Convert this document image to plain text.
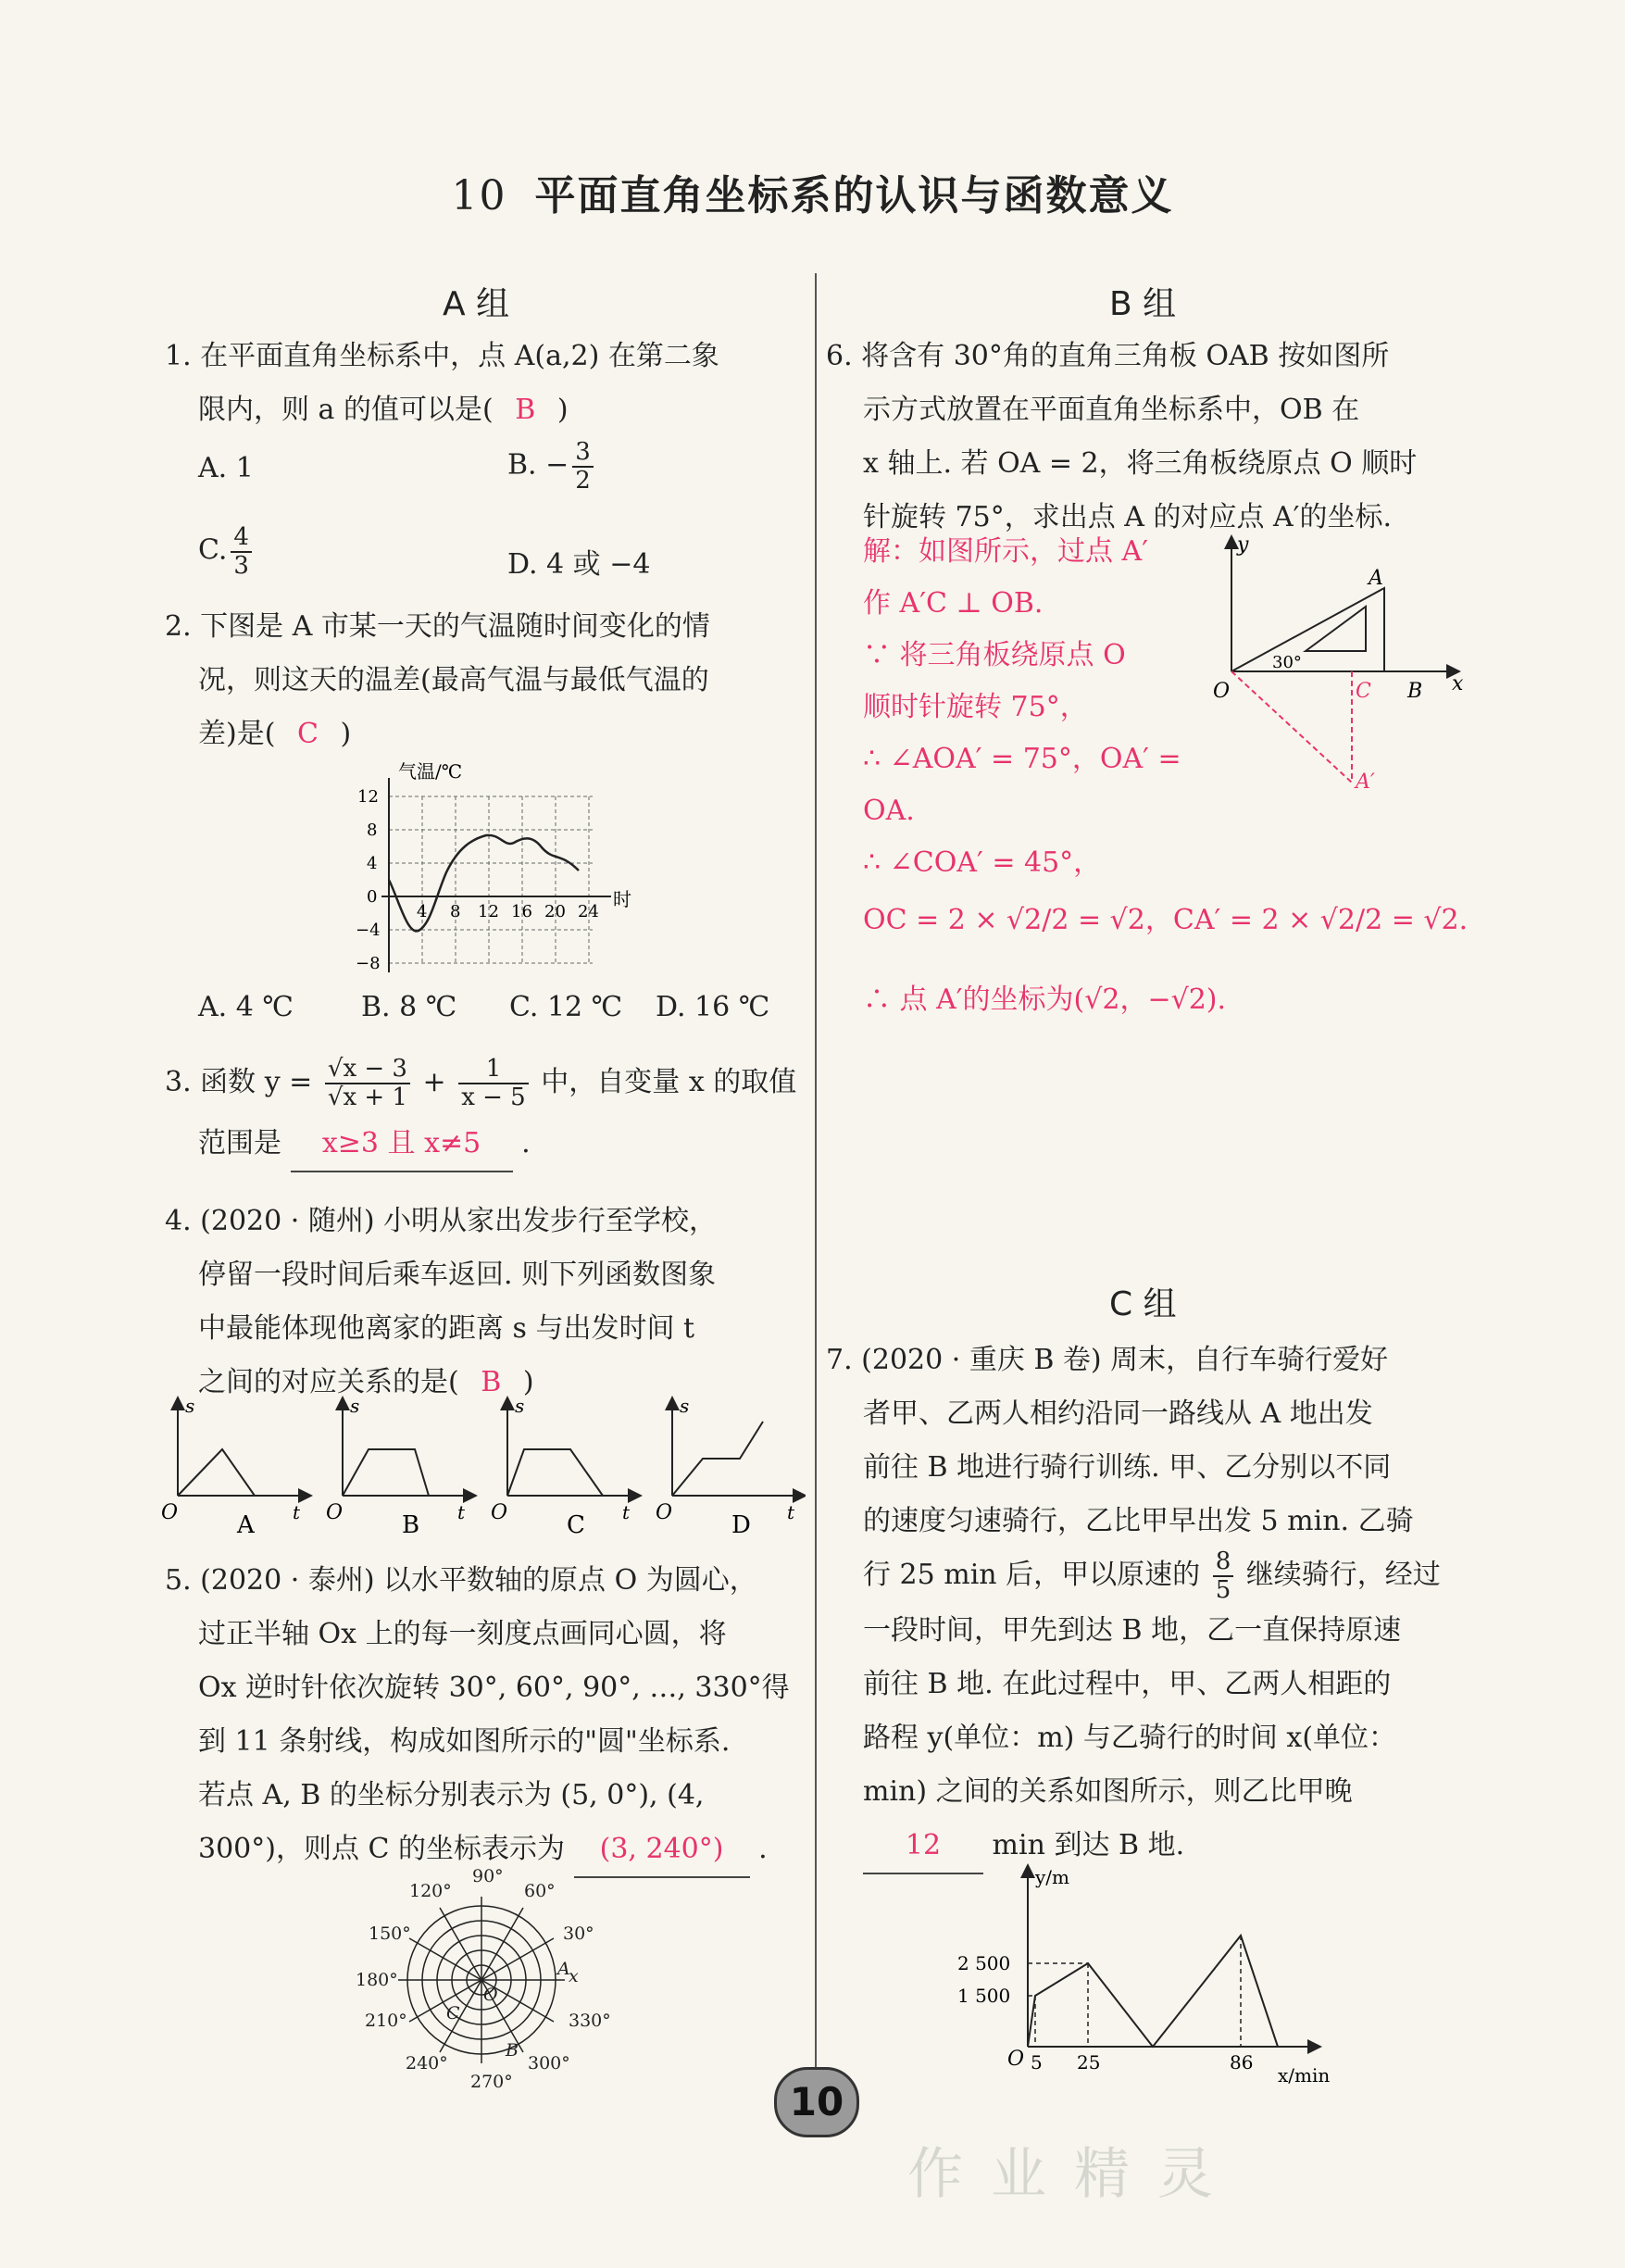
10 平面直角坐标系的认识与函数意义
A 组	B 组
1. 在平面直角坐标系中，点 A(a,2) 在第二象
限内，则 a 的值可以是( B )
A. 1	B. − $\frac{3}{2}$
C. $\frac{4}{3}$	D. 4 或 −4
2. 下图是 A 市某一天的气温随时间变化的情
况，则这天的温差(最高气温与最低气温的
差)是( C )
气温/℃
时
12
8
4
0
−4
−8
4 8 12 16 20 24
A. 4 ℃ B. 8 ℃ C. 12 ℃ D. 16 ℃
3. 函数 $y = \frac{√x - 3}{√x + 1} + \frac{1}{x - 5}$ 中，自变量 x 的取值
范围是 x≥3 且 x≠5 .
4. (2020 · 随州) 小明从家出发步行至学校，
停留一段时间后乘车返回. 则下列函数图象
中最能体现他离家的距离 s 与出发时间 t
之间的对应关系的是( B )
s
O	t
A
s
O	t
B
s
O	t
C
s
O	t
D
5. (2020 · 泰州) 以水平数轴的原点 O 为圆心，
过正半轴 Ox 上的每一刻度点画同心圆，将
Ox 逆时针依次旋转 30°, 60°, 90°, …, 330°得
到 11 条射线，构成如图所示的"圆"坐标系.
若点 A, B 的坐标分别表示为 (5, 0°), (4,
300°)，则点 C 的坐标表示为 (3, 240°) .
90°
60°
30°
330°
300°
270°
240°
210°
180°
150°
120°
A
B
C
O
x
6. 将含有 30°角的直角三角板 OAB 按如图所
示方式放置在平面直角坐标系中，OB 在
x 轴上. 若 OA = 2，将三角板绕原点 O 顺时
针旋转 75°，求出点 A 的对应点 A′的坐标.
解：如图所示，过点 A′
作 A′C ⊥ OB.
∵ 将三角板绕原点 O
顺时针旋转 75°，
∴ ∠AOA′ = 75°，OA′ =
OA.
∴ ∠COA′ = 45°，
OC = 2 × √2/2 = √2，CA′ = 2 × √2/2 = √2.
∴ 点 A′的坐标为(√2，−√2).
y
x
O
A
B
C
A′
30°
C 组
7. (2020 · 重庆 B 卷) 周末，自行车骑行爱好
者甲、乙两人相约沿同一路线从 A 地出发
前往 B 地进行骑行训练. 甲、乙分别以不同
的速度匀速骑行，乙比甲早出发 5 min. 乙骑
行 25 min 后，甲以原速的 $\frac{8}{5}$ 继续骑行，经过
一段时间，甲先到达 B 地，乙一直保持原速
前往 B 地. 在此过程中，甲、乙两人相距的
路程 y(单位：m) 与乙骑行的时间 x(单位：
min) 之间的关系如图所示，则乙比甲晚
12 min 到达 B 地.
y/m
x/min
2 500
1 500
5 25	86
O
10
作业精灵
